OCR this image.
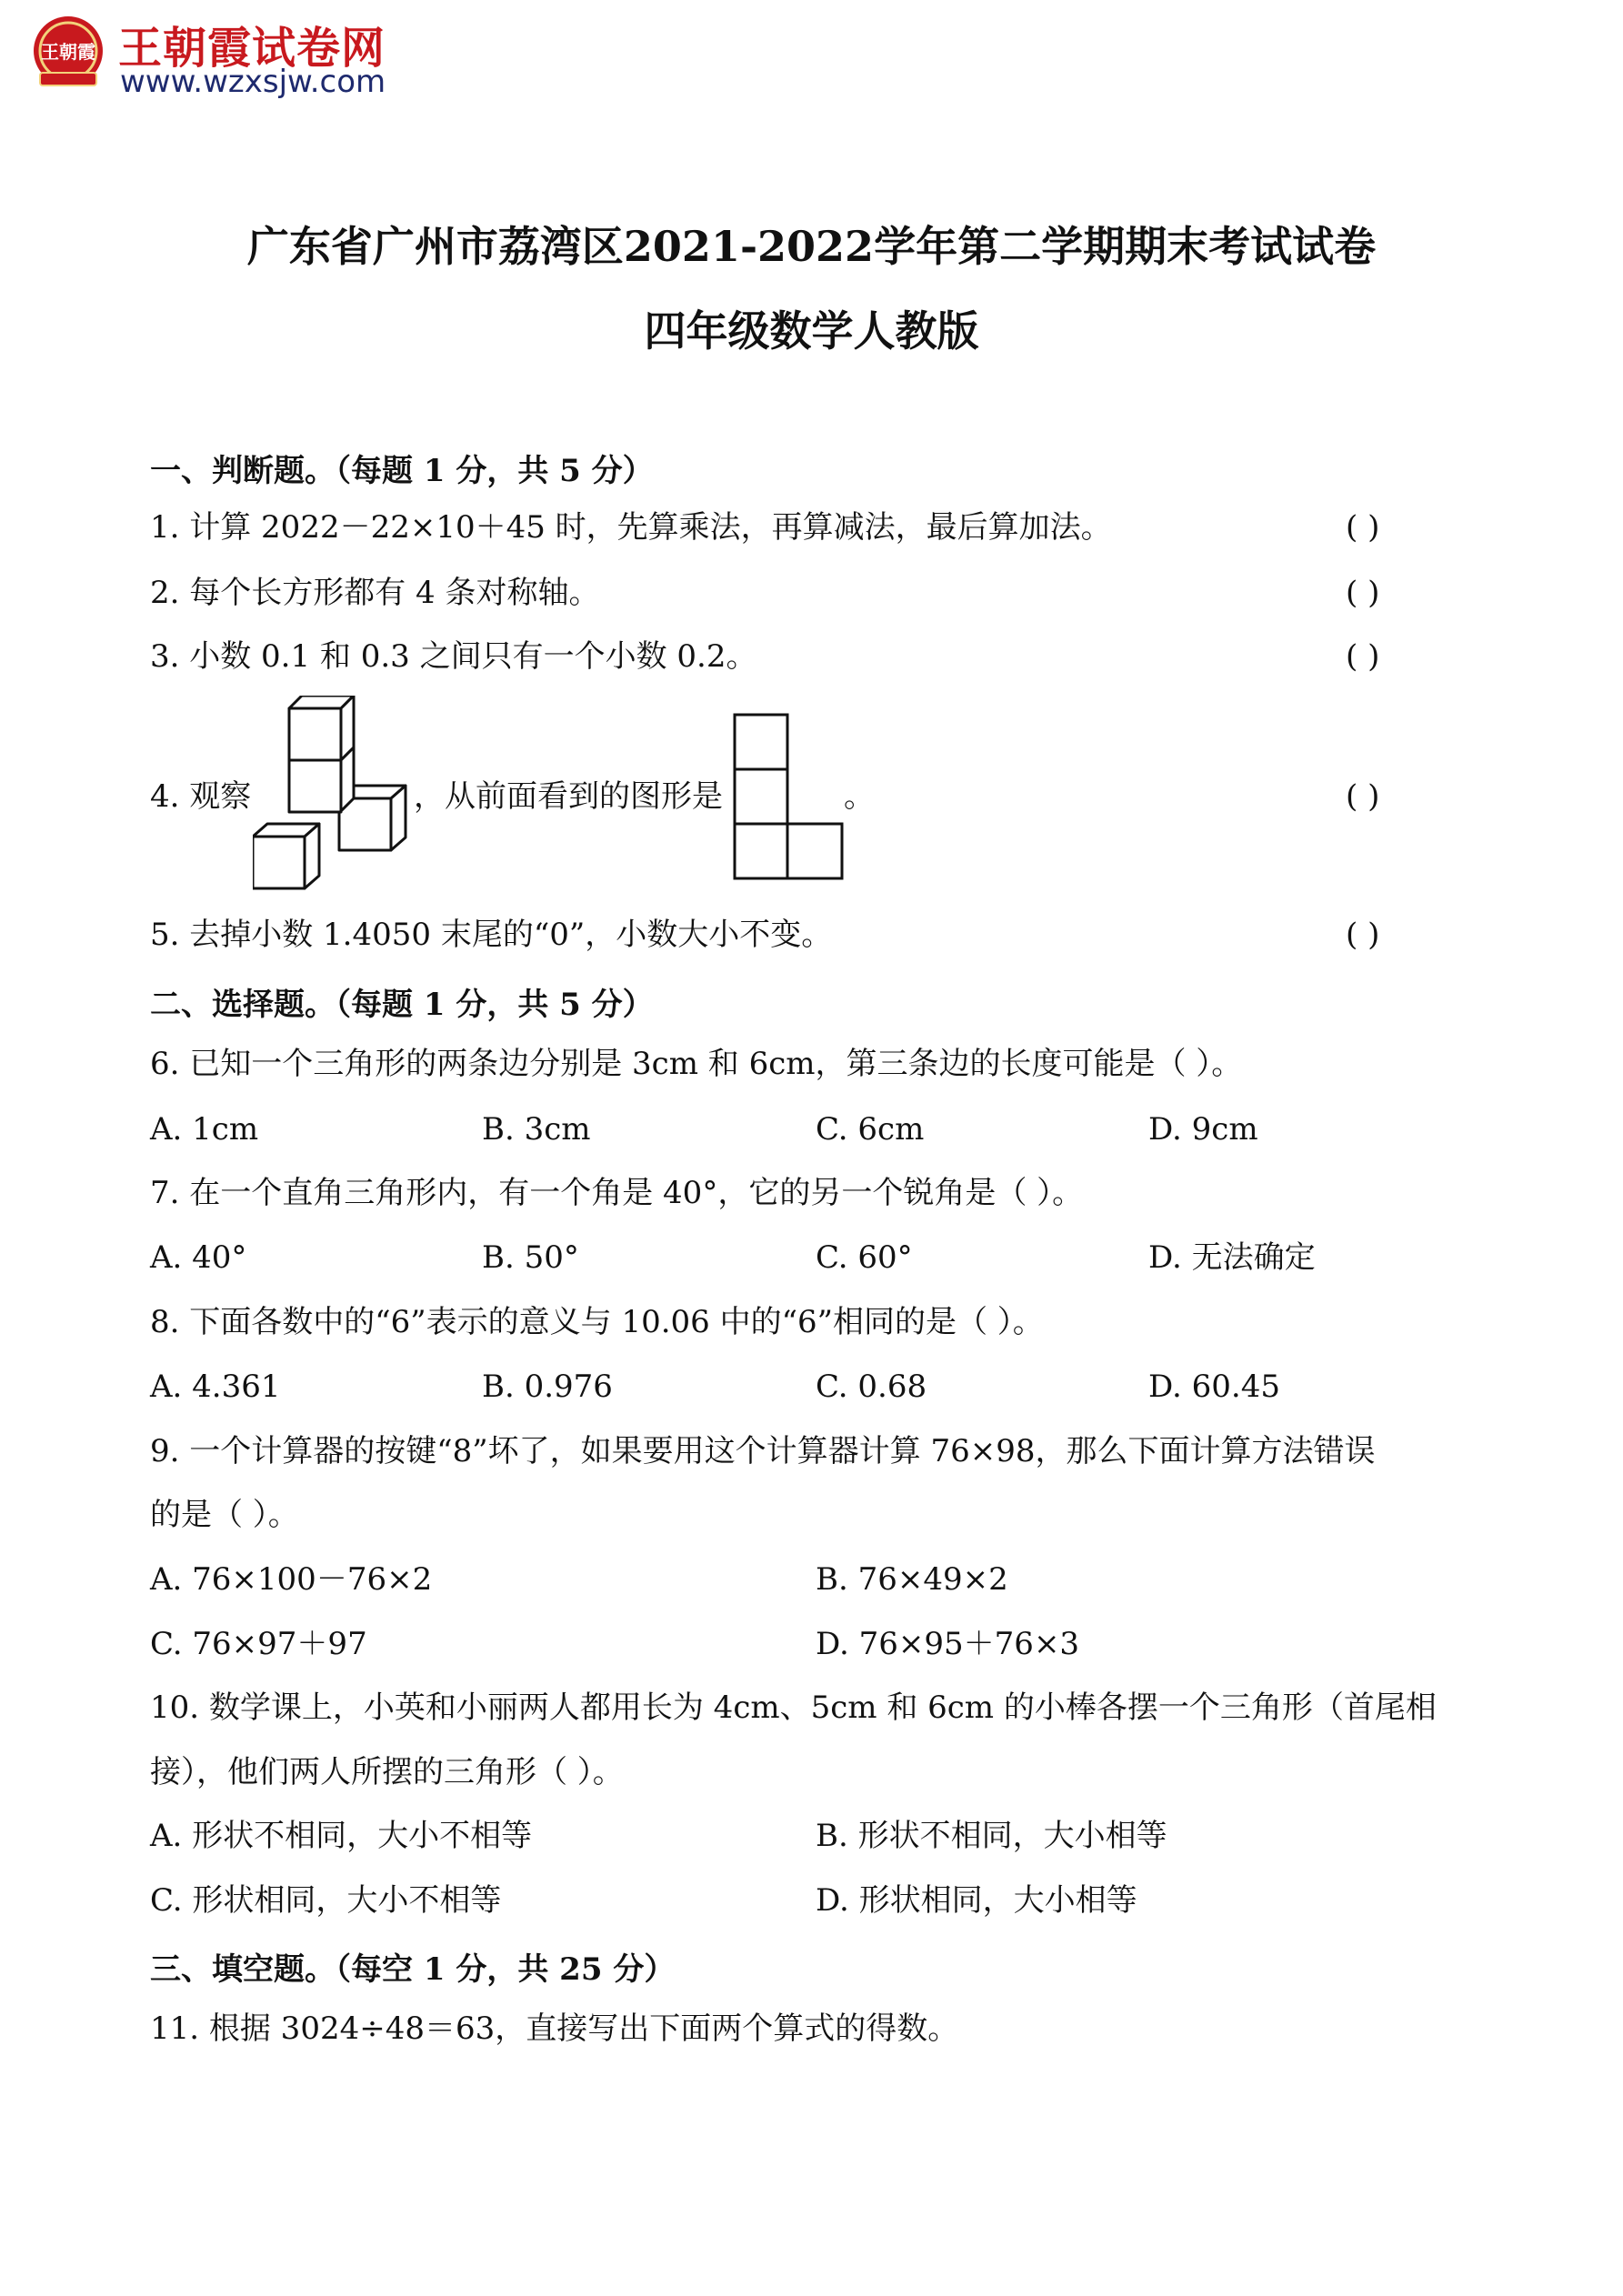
王朝霞 王朝霞试卷网
www.wzxsjw.com
广东省广州市荔湾区2021-2022学年第二学期期末考试试卷
四年级数学人教版
一、判断题。（每题 1 分，共 5 分）
1. 计算 2022－22×10＋45 时，先算乘法，再算减法，最后算加法。	( )
2. 每个长方形都有 4 条对称轴。	( )
3. 小数 0.1 和 0.3 之间只有一个小数 0.2。	( )
4. 观察	，从前面看到的图形是	。	( )
5. 去掉小数 1.4050 末尾的“0”，小数大小不变。	( )
二、选择题。（每题 1 分，共 5 分）
6. 已知一个三角形的两条边分别是 3cm 和 6cm，第三条边的长度可能是（ ）。
A. 1cm	B. 3cm	C. 6cm	D. 9cm
7. 在一个直角三角形内，有一个角是 40°，它的另一个锐角是（ ）。
A. 40°	B. 50°	C. 60°	D. 无法确定
8. 下面各数中的“6”表示的意义与 10.06 中的“6”相同的是（ ）。
A. 4.361	B. 0.976	C. 0.68	D. 60.45
9. 一个计算器的按键“8”坏了，如果要用这个计算器计算 76×98，那么下面计算方法错误
的是（ ）。
A. 76×100－76×2	B. 76×49×2
C. 76×97＋97	D. 76×95＋76×3
10. 数学课上，小英和小丽两人都用长为 4cm、5cm 和 6cm 的小棒各摆一个三角形（首尾相
接），他们两人所摆的三角形（ ）。
A. 形状不相同，大小不相等	B. 形状不相同，大小相等
C. 形状相同，大小不相等	D. 形状相同，大小相等
三、填空题。（每空 1 分，共 25 分）
11. 根据 3024÷48＝63，直接写出下面两个算式的得数。
